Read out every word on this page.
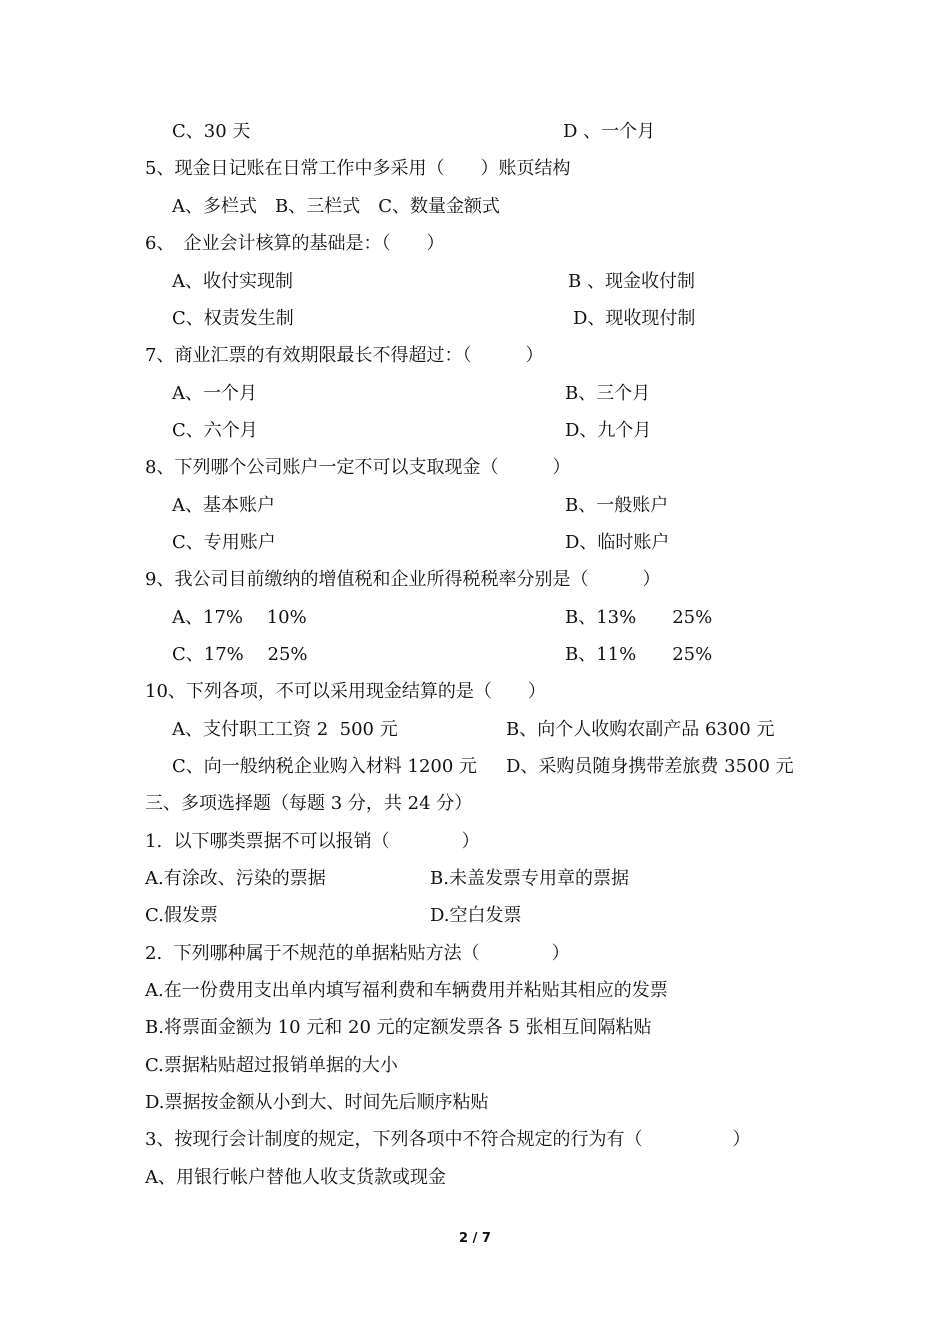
C、30 天	D 、一个月
5、现金日记账在日常工作中多采用（　　）账页结构
A、多栏式　B、三栏式　C、数量金额式
6、　企业会计核算的基础是：（　　）
A、收付实现制	B 、现金收付制
C、权责发生制	D、现收现付制
7、商业汇票的有效期限最长不得超过：（　　　）
A、一个月	B、三个月
C、六个月	D、九个月
8、下列哪个公司账户一定不可以支取现金（　　　）
A、基本账户	B、一般账户
C、专用账户	D、临时账户
9、我公司目前缴纳的增值税和企业所得税税率分别是（　　　）
A、17%　 10%	B、13%　　25%
C、17%　 25%	B、11%　　25%
10、下列各项，不可以采用现金结算的是（　　）
A、支付职工工资 2  500 元	B、向个人收购农副产品 6300 元
C、向一般纳税企业购入材料 1200 元 D、采购员随身携带差旅费 3500 元
三、多项选择题（每题 3 分，共 24 分）
1.  以下哪类票据不可以报销（　　　　）
A.有涂改、污染的票据	B.未盖发票专用章的票据
C.假发票	D.空白发票
2.  下列哪种属于不规范的单据粘贴方法（　　　　）
A.在一份费用支出单内填写福利费和车辆费用并粘贴其相应的发票
B.将票面金额为 10 元和 20 元的定额发票各 5 张相互间隔粘贴
C.票据粘贴超过报销单据的大小
D.票据按金额从小到大、时间先后顺序粘贴
3、按现行会计制度的规定，下列各项中不符合规定的行为有（　　　　　）
A、用银行帐户替他人收支货款或现金
2 / 7
